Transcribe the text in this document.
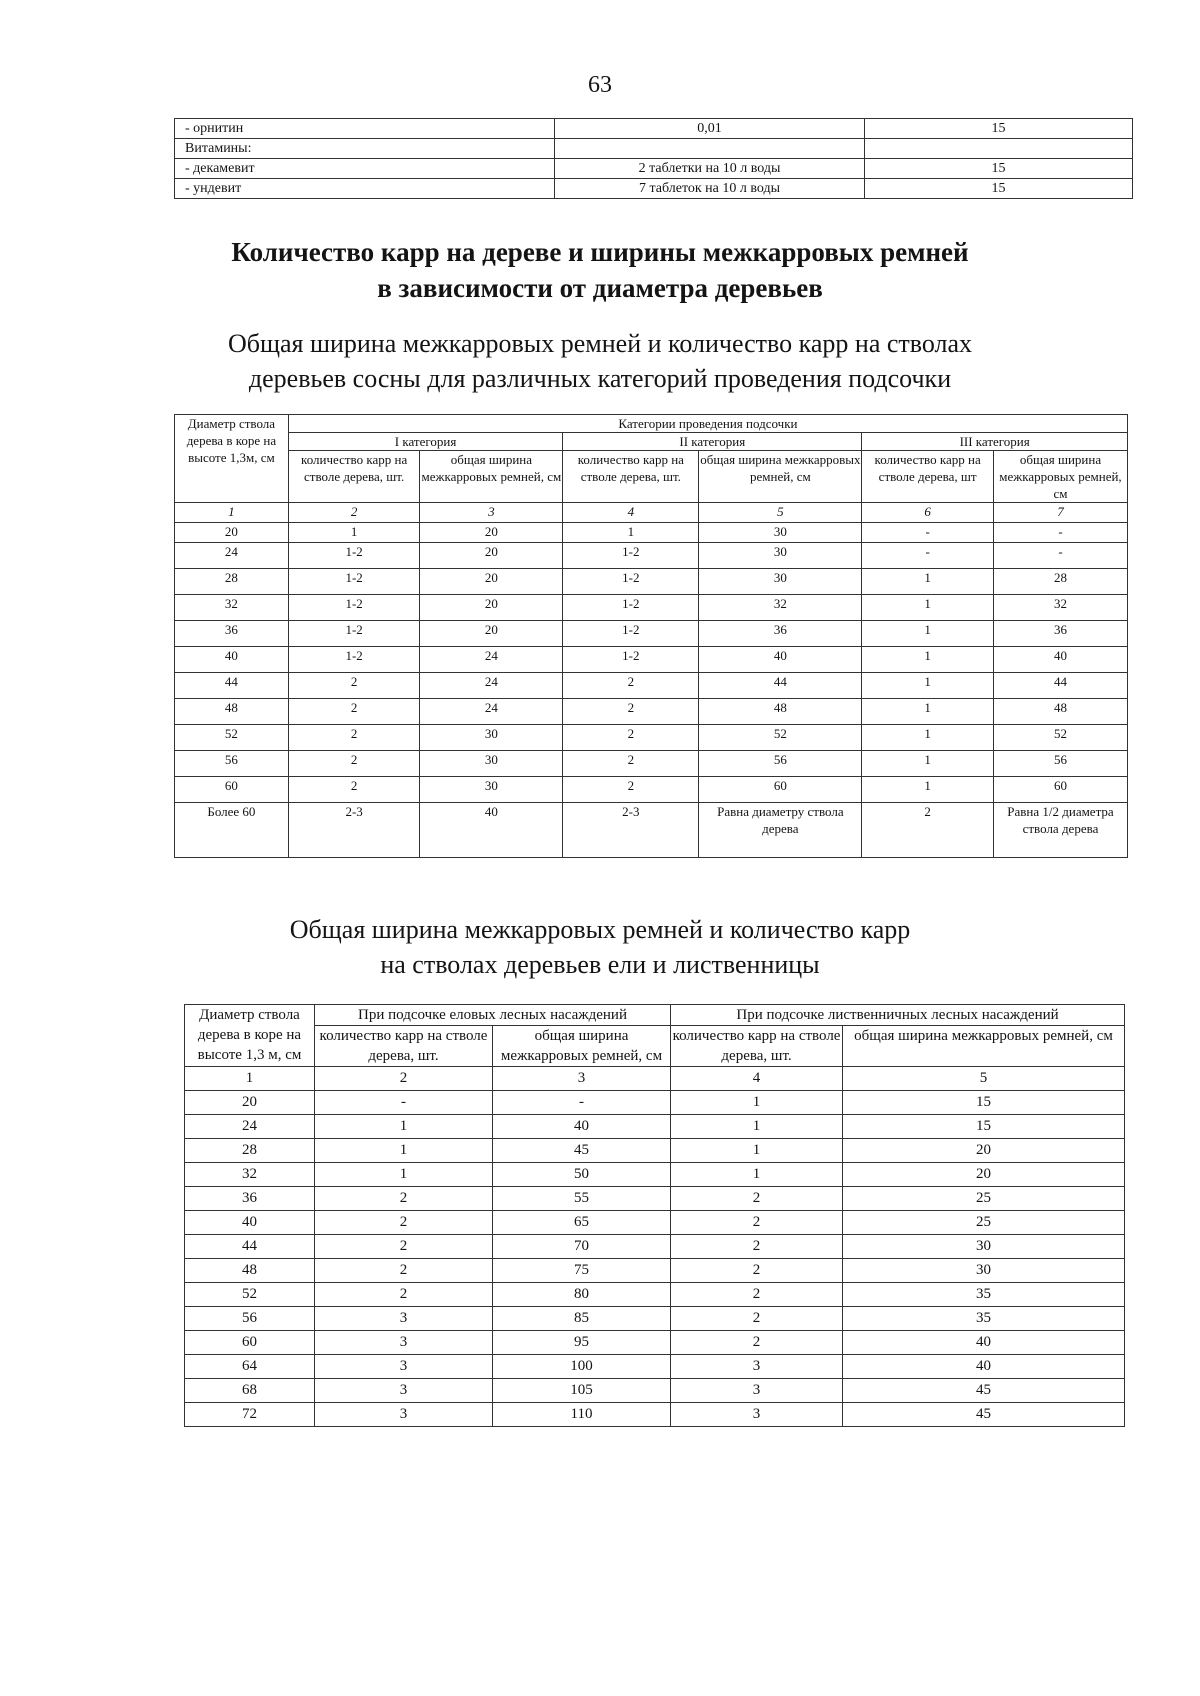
63
- орнитин	0,01	15
Витамины:		
- декамевит	2 таблетки на 10 л воды	15
- ундевит	7 таблеток на 10 л воды	15
Количество карр на дереве и ширины межкарровых ремней
в зависимости от диаметра деревьев
Общая ширина межкарровых ремней и количество карр на стволах
деревьев сосны для различных категорий проведения подсочки
Диаметр ствола дерева в коре на высоте 1,3м, см	Категории проведения подсочки					
	I категория		II категория		III категория	
	количество карр на стволе дерева, шт.	общая ширина межкарровых ремней, см	количество карр на стволе дерева, шт.	общая ширина межкарровых ремней, см	количество карр на стволе дерева, шт	общая ширина межкарровых ремней, см
1	2	3	4	5	6	7
20	1	20	1	30	-	-
24	1-2	20	1-2	30	-	-
28	1-2	20	1-2	30	1	28
32	1-2	20	1-2	32	1	32
36	1-2	20	1-2	36	1	36
40	1-2	24	1-2	40	1	40
44	2	24	2	44	1	44
48	2	24	2	48	1	48
52	2	30	2	52	1	52
56	2	30	2	56	1	56
60	2	30	2	60	1	60
Более 60	2-3	40	2-3	Равна диаметру ствола дерева	2	Равна 1/2 диаметра ствола дерева
Общая ширина межкарровых ремней и количество карр
на стволах деревьев ели и лиственницы
Диаметр ствола дерева в коре на высоте 1,3 м, см	При подсочке еловых лесных насаждений		При подсочке лиственничных лесных насаждений	
	количество карр на стволе дерева, шт.	общая ширина межкарровых ремней, см	количество карр на стволе дерева, шт.	общая ширина межкарровых ремней, см
1	2	3	4	5
20	-	-	1	15
24	1	40	1	15
28	1	45	1	20
32	1	50	1	20
36	2	55	2	25
40	2	65	2	25
44	2	70	2	30
48	2	75	2	30
52	2	80	2	35
56	3	85	2	35
60	3	95	2	40
64	3	100	3	40
68	3	105	3	45
72	3	110	3	45
